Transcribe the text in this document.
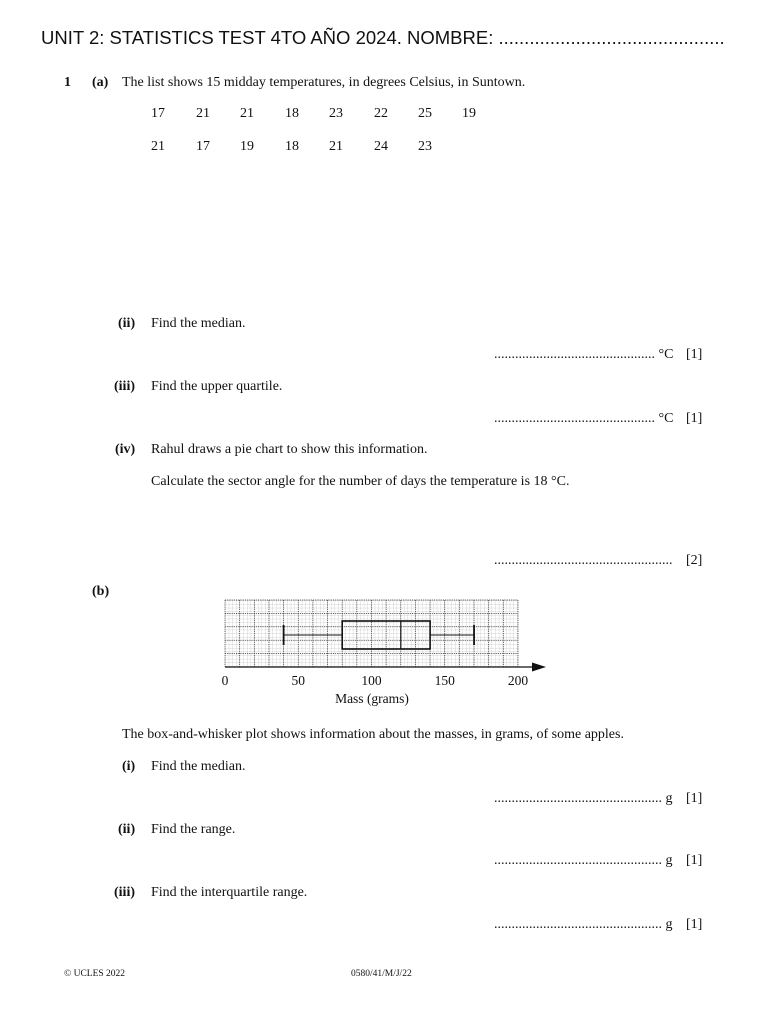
UNIT 2: STATISTICS TEST 4TO AÑO 2024. NOMBRE: ............................................
1 (a) The list shows 15 midday temperatures, in degrees Celsius, in Suntown.
17 21 21 18 23 22 25 19
21 17 19 18 21 24 23
(ii) Find the median.
.............................................. °C [1]
(iii) Find the upper quartile.
.............................................. °C [1]
(iv) Rahul draws a pie chart to show this information.
Calculate the sector angle for the number of days the temperature is 18 °C.
................................................... [2]
(b)
0	50	100	150	200
Mass (grams)
The box-and-whisker plot shows information about the masses, in grams, of some apples.
(i) Find the median.
................................................ g [1]
(ii) Find the range.
................................................ g [1]
(iii) Find the interquartile range.
................................................ g [1]
© UCLES 2022	0580/41/M/J/22
